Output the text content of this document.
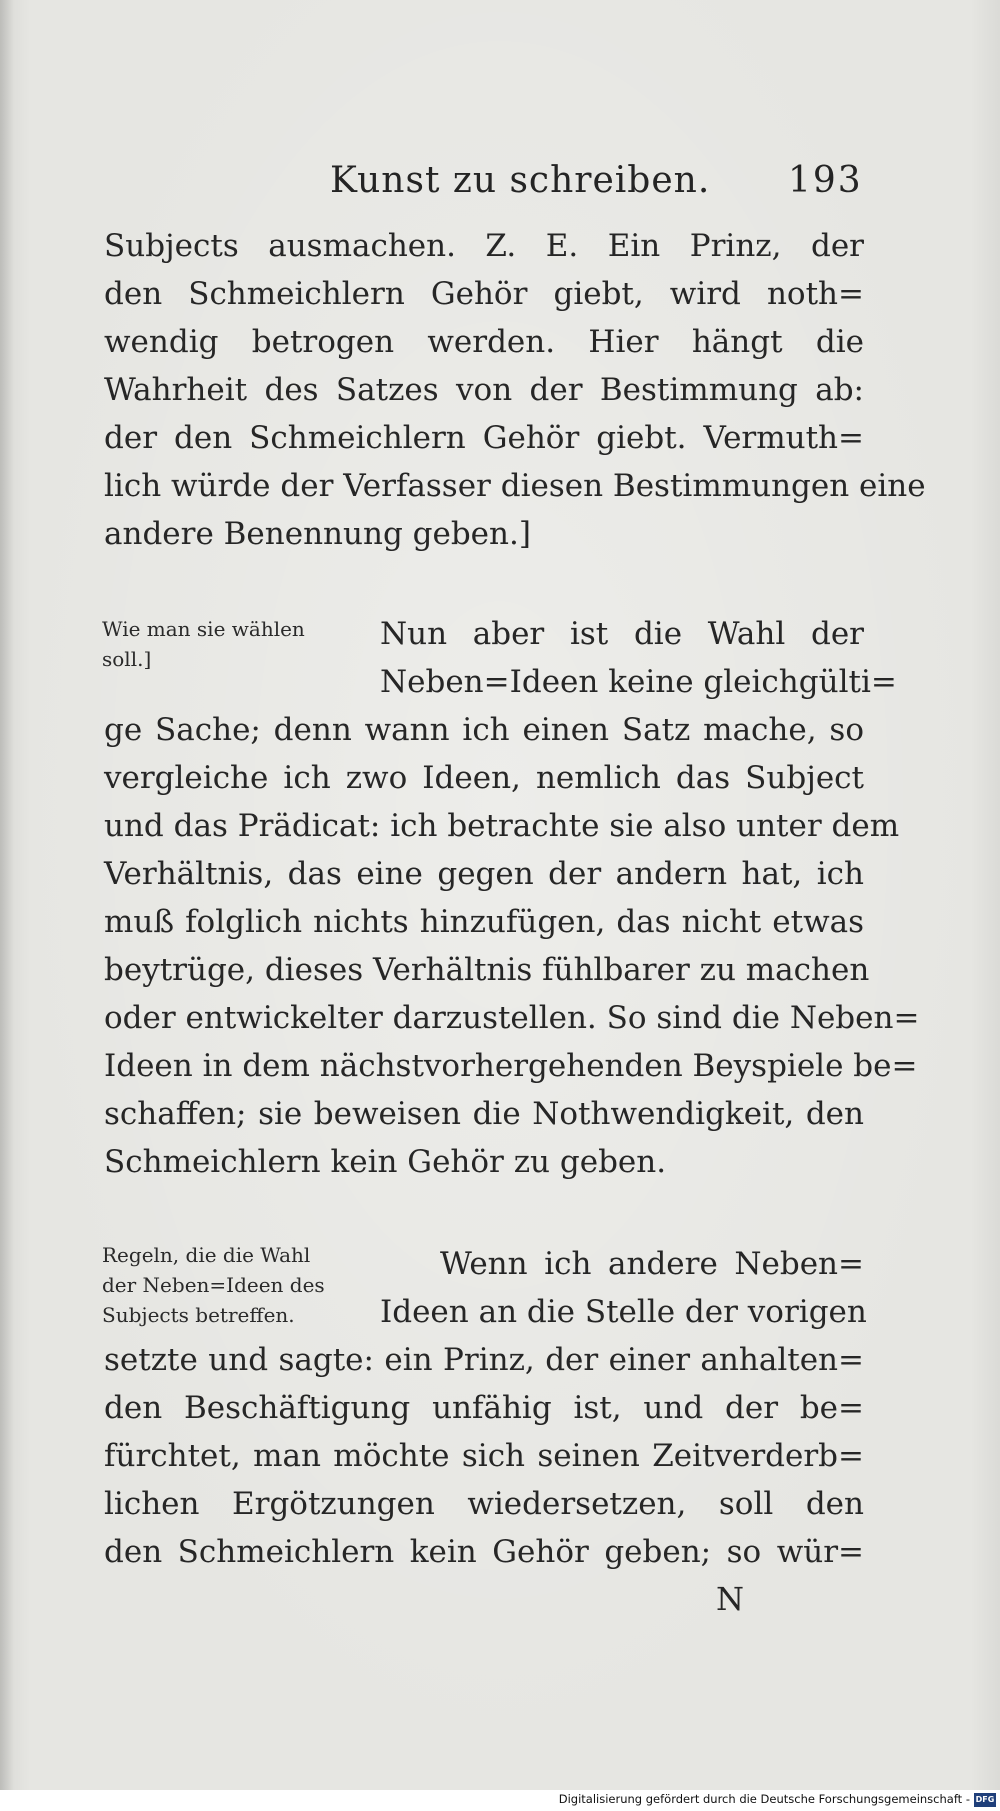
Kunst zu schreiben. 193
Subjects ausmachen. Z. E. Ein Prinz, der
den Schmeichlern Gehör giebt, wird noth=
wendig betrogen werden. Hier hängt die
Wahrheit des Satzes von der Bestimmung ab:
der den Schmeichlern Gehör giebt. Vermuth=
lich würde der Verfasser diesen Bestimmungen eine
andere Benennung geben.]
Wie man sie wählen
soll.]
Nun aber ist die Wahl der
Neben=Ideen keine gleichgülti=
ge Sache; denn wann ich einen Satz mache, so
vergleiche ich zwo Ideen, nemlich das Subject
und das Prädicat: ich betrachte sie also unter dem
Verhältnis, das eine gegen der andern hat, ich
muß folglich nichts hinzufügen, das nicht etwas
beytrüge, dieses Verhältnis fühlbarer zu machen
oder entwickelter darzustellen. So sind die Neben=
Ideen in dem nächstvorhergehenden Beyspiele be=
schaffen; sie beweisen die Nothwendigkeit, den
Schmeichlern kein Gehör zu geben.
Regeln, die die Wahl
der Neben=Ideen des
Subjects betreffen.
Wenn ich andere Neben=
Ideen an die Stelle der vorigen
setzte und sagte: ein Prinz, der einer anhalten=
den Beschäftigung unfähig ist, und der be=
fürchtet, man möchte sich seinen Zeitverderb=
lichen Ergötzungen wiedersetzen, soll den
den Schmeichlern kein Gehör geben; so wür=
N
Digitalisierung gefördert durch die Deutsche Forschungsgemeinschaft - DFG
